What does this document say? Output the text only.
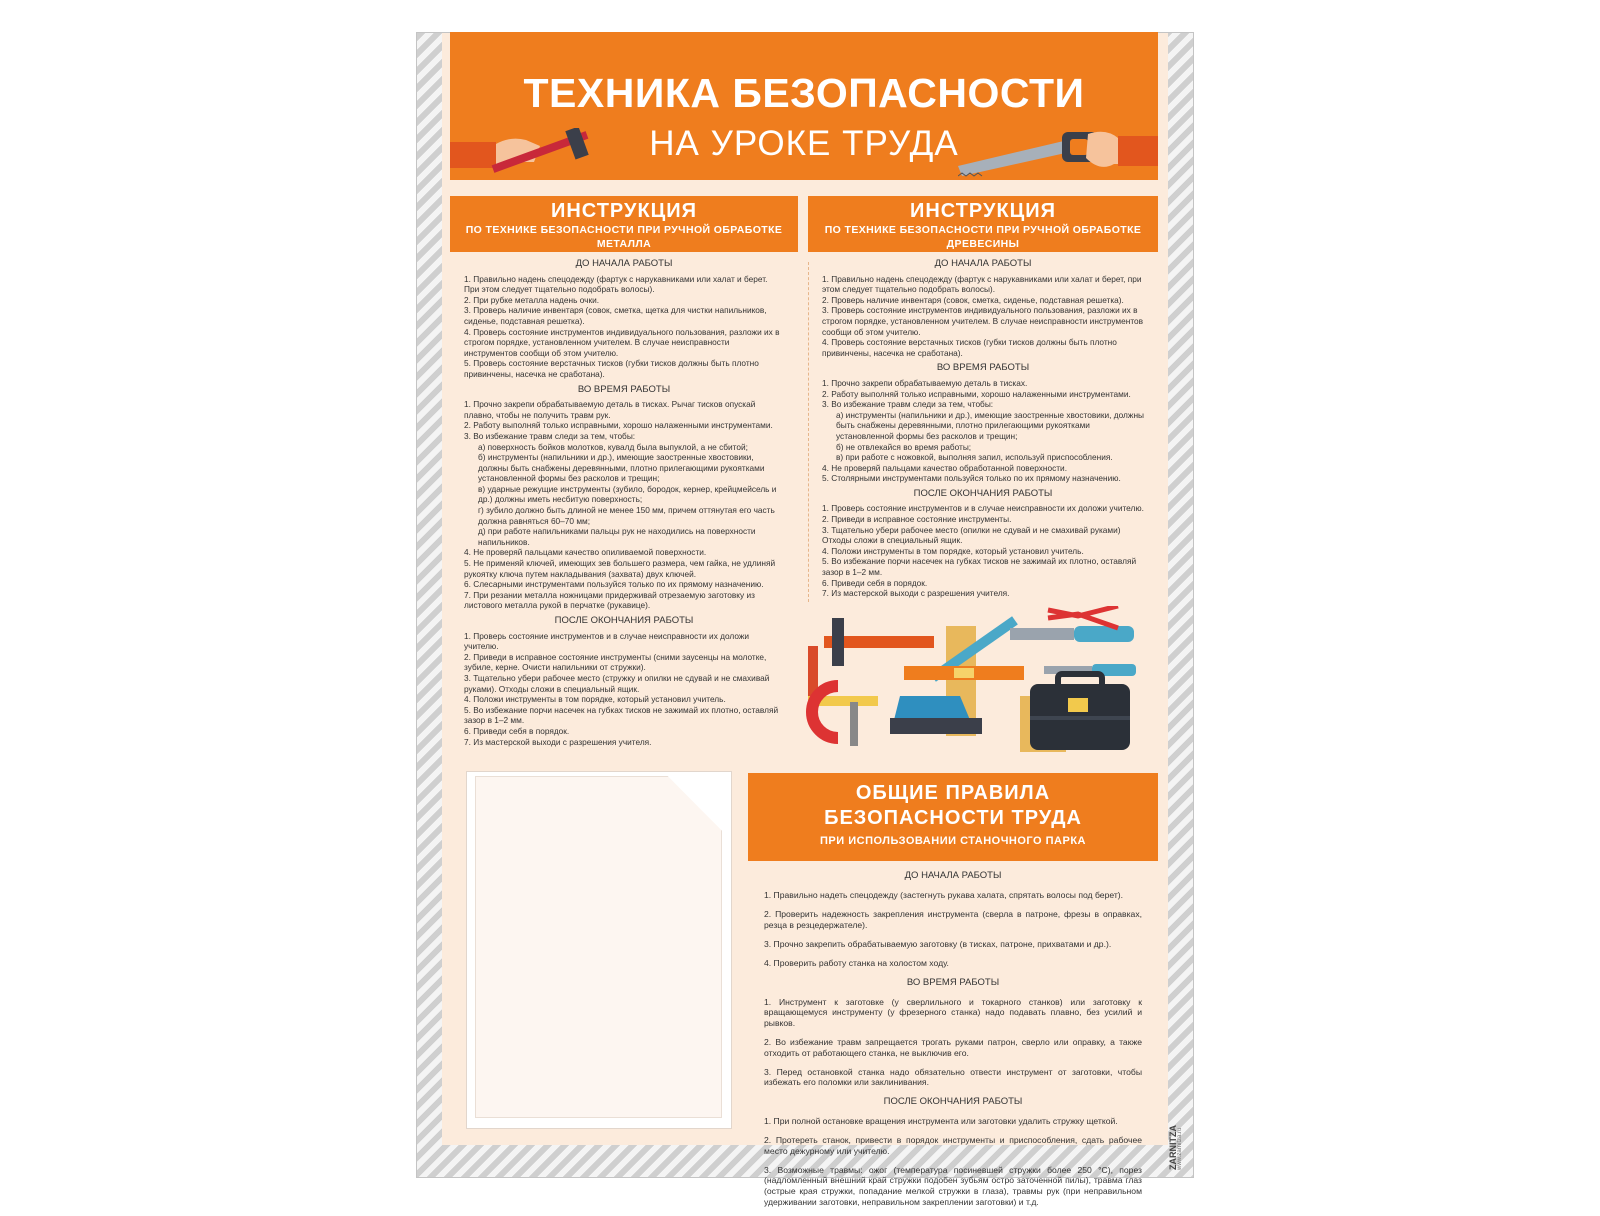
ТЕХНИКА БЕЗОПАСНОСТИ
НА УРОКЕ ТРУДА
ИНСТРУКЦИЯ
ПО ТЕХНИКЕ БЕЗОПАСНОСТИ ПРИ РУЧНОЙ ОБРАБОТКЕ МЕТАЛЛА
ДО НАЧАЛА РАБОТЫ

1. Правильно надень спецодежду (фартук с нарукавниками или халат и берет. При этом следует тщательно подобрать волосы).

2. При рубке металла надень очки.

3. Проверь наличие инвентаря (совок, сметка, щетка для чистки напильников, сиденье, подставная решетка).

4. Проверь состояние инструментов индивидуального пользования, разложи их в строгом порядке, установленном учителем. В случае неисправности инструментов сообщи об этом учителю.

5. Проверь состояние верстачных тисков (губки тисков должны быть плотно привинчены, насечка не сработана).

ВО ВРЕМЯ РАБОТЫ

1. Прочно закрепи обрабатываемую деталь в тисках. Рычаг тисков опускай плавно, чтобы не получить травм рук.

2. Работу выполняй только исправными, хорошо налаженными инструментами.

3. Во избежание травм следи за тем, чтобы:

а) поверхность бойков молотков, кувалд была выпуклой, а не сбитой;

б) инструменты (напильники и др.), имеющие заостренные хвостовики, должны быть снабжены деревянными, плотно прилегающими рукоятками установленной формы без расколов и трещин;

в) ударные режущие инструменты (зубило, бородок, кернер, крейцмейсель и др.) должны иметь несбитую поверхность;

г) зубило должно быть длиной не менее 150 мм, причем оттянутая его часть должна равняться 60–70 мм;

д) при работе напильниками пальцы рук не находились на поверхности напильников.

4. Не проверяй пальцами качество опиливаемой поверхности.

5. Не применяй ключей, имеющих зев большего размера, чем гайка, не удлиняй рукоятку ключа путем накладывания (захвата) двух ключей.

6. Слесарными инструментами пользуйся только по их прямому назначению.

7. При резании металла ножницами придерживай отрезаемую заготовку из листового металла рукой в перчатке (рукавице).

ПОСЛЕ ОКОНЧАНИЯ РАБОТЫ

1. Проверь состояние инструментов и в случае неисправности их доложи учителю.

2. Приведи в исправное состояние инструменты (сними заусенцы на молотке, зубиле, керне. Очисти напильники от стружки).

3. Тщательно убери рабочее место (стружку и опилки не сдувай и не смахивай руками). Отходы сложи в специальный ящик.

4. Положи инструменты в том порядке, который установил учитель.

5. Во избежание порчи насечек на губках тисков не зажимай их плотно, оставляй зазор в 1–2 мм.

6. Приведи себя в порядок.

7. Из мастерской выходи с разрешения учителя.

ИНСТРУКЦИЯ
ПО ТЕХНИКЕ БЕЗОПАСНОСТИ ПРИ РУЧНОЙ ОБРАБОТКЕ ДРЕВЕСИНЫ
ДО НАЧАЛА РАБОТЫ

1. Правильно надень спецодежду (фартук с нарукавниками или халат и берет, при этом следует тщательно подобрать волосы).

2. Проверь наличие инвентаря (совок, сметка, сиденье, подставная решетка).

3. Проверь состояние инструментов индивидуального пользования, разложи их в строгом порядке, установленном учителем. В случае неисправности инструментов сообщи об этом учителю.

4. Проверь состояние верстачных тисков (губки тисков должны быть плотно привинчены, насечка не сработана).

ВО ВРЕМЯ РАБОТЫ

1. Прочно закрепи обрабатываемую деталь в тисках.

2. Работу выполняй только исправными, хорошо налаженными инструментами.

3. Во избежание травм следи за тем, чтобы:

а) инструменты (напильники и др.), имеющие заостренные хвостовики, должны быть снабжены деревянными, плотно прилегающими рукоятками установленной формы без расколов и трещин;

б) не отвлекайся во время работы;

в) при работе с ножовкой, выполняя запил, используй приспособления.

4. Не проверяй пальцами качество обработанной поверхности.

5. Столярными инструментами пользуйся только по их прямому назначению.

ПОСЛЕ ОКОНЧАНИЯ РАБОТЫ

1. Проверь состояние инструментов и в случае неисправности их доложи учителю.

2. Приведи в исправное состояние инструменты.

3. Тщательно убери рабочее место (опилки не сдувай и не смахивай руками) Отходы сложи в специальный ящик.

4. Положи инструменты в том порядке, который установил учитель.

5. Во избежание порчи насечек на губках тисков не зажимай их плотно, оставляй зазор в 1–2 мм.

6. Приведи себя в порядок.

7. Из мастерской выходи с разрешения учителя.

ОБЩИЕ ПРАВИЛА
БЕЗОПАСНОСТИ ТРУДА
ПРИ ИСПОЛЬЗОВАНИИ СТАНОЧНОГО ПАРКА
ДО НАЧАЛА РАБОТЫ

1. Правильно надеть спецодежду (застегнуть рукава халата, спрятать волосы под берет).

2. Проверить надежность закрепления инструмента (сверла в патроне, фрезы в оправках, резца в резцедержателе).

3. Прочно закрепить обрабатываемую заготовку (в тисках, патроне, прихватами и др.).

4. Проверить работу станка на холостом ходу.

ВО ВРЕМЯ РАБОТЫ

1. Инструмент к заготовке (у сверлильного и токарного станков) или заготовку к вращающемуся инструменту (у фрезерного станка) надо подавать плавно, без усилий и рывков.

2. Во избежание травм запрещается трогать руками патрон, сверло или оправку, а также отходить от работающего станка, не выключив его.

3. Перед остановкой станка надо обязательно отвести инструмент от заготовки, чтобы избежать его поломки или заклинивания.

ПОСЛЕ ОКОНЧАНИЯ РАБОТЫ

1. При полной остановке вращения инструмента или заготовки удалить стружку щеткой.

2. Протереть станок, привести в порядок инструменты и приспособления, сдать рабочее место дежурному или учителю.

3. Возможные травмы: ожог (температура посиневшей стружки более 250 °С), порез (надломленный внешний край стружки подобен зубьям остро заточенной пилы), травма глаз (острые края стружки, попадание мелкой стружки в глаза), травмы рук (при неправильном удерживании заготовки, неправильном закреплении заготовки) и т.д.

ZARNITZA www.zarnitza.ru
